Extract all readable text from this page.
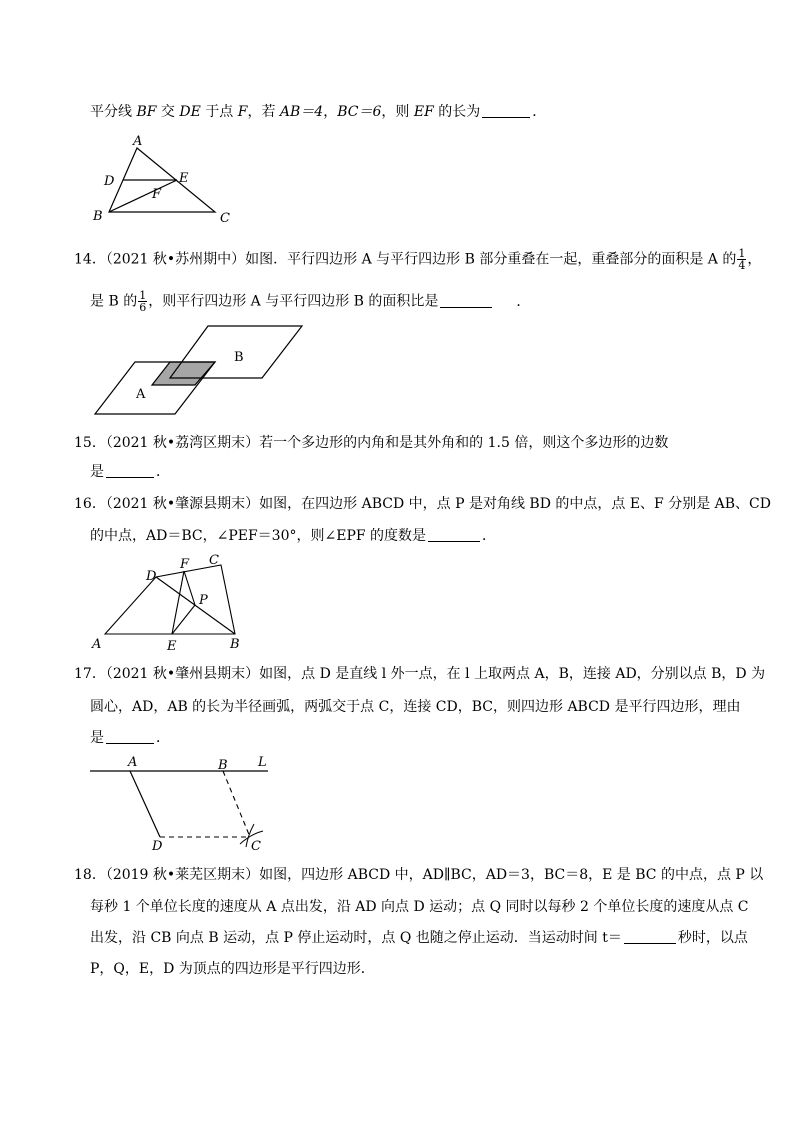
平分线 BF 交 DE 于点 F，若 AB＝4，BC＝6，则 EF 的长为	．
A
D	E
F
B	C
14．（2021 秋•苏州期中）如图．平行四边形 A 与平行四边形 B 部分重叠在一起，重叠部分的面积是 A 的 $\frac{1}{4}$ ，
是 B 的 $\frac{1}{6}$ ，则平行四边形 A 与平行四边形 B 的面积比是	．
A
B
15．（2021 秋•荔湾区期末）若一个多边形的内角和是其外角和的 1.5 倍，则这个多边形的边数
是	．
16．（2021 秋•肇源县期末）如图，在四边形 ABCD 中，点 P 是对角线 BD 的中点，点 E、F 分别是 AB、CD
的中点，AD＝BC，∠PEF＝30°，则∠EPF 的度数是	．
A	B
C
D
E
F
P
17．（2021 秋•肇州县期末）如图，点 D 是直线 l 外一点，在 l 上取两点 A，B，连接 AD，分别以点 B，D 为
圆心，AD，AB 的长为半径画弧，两弧交于点 C，连接 CD，BC，则四边形 ABCD 是平行四边形，理由
是	．
A	B L
D	C
18．（2019 秋•莱芜区期末）如图，四边形 ABCD 中，AD∥BC，AD＝3，BC＝8，E 是 BC 的中点，点 P 以
每秒 1 个单位长度的速度从 A 点出发，沿 AD 向点 D 运动；点 Q 同时以每秒 2 个单位长度的速度从点 C
出发，沿 CB 向点 B 运动，点 P 停止运动时，点 Q 也随之停止运动．当运动时间 t＝	秒时，以点
P，Q，E，D 为顶点的四边形是平行四边形．
